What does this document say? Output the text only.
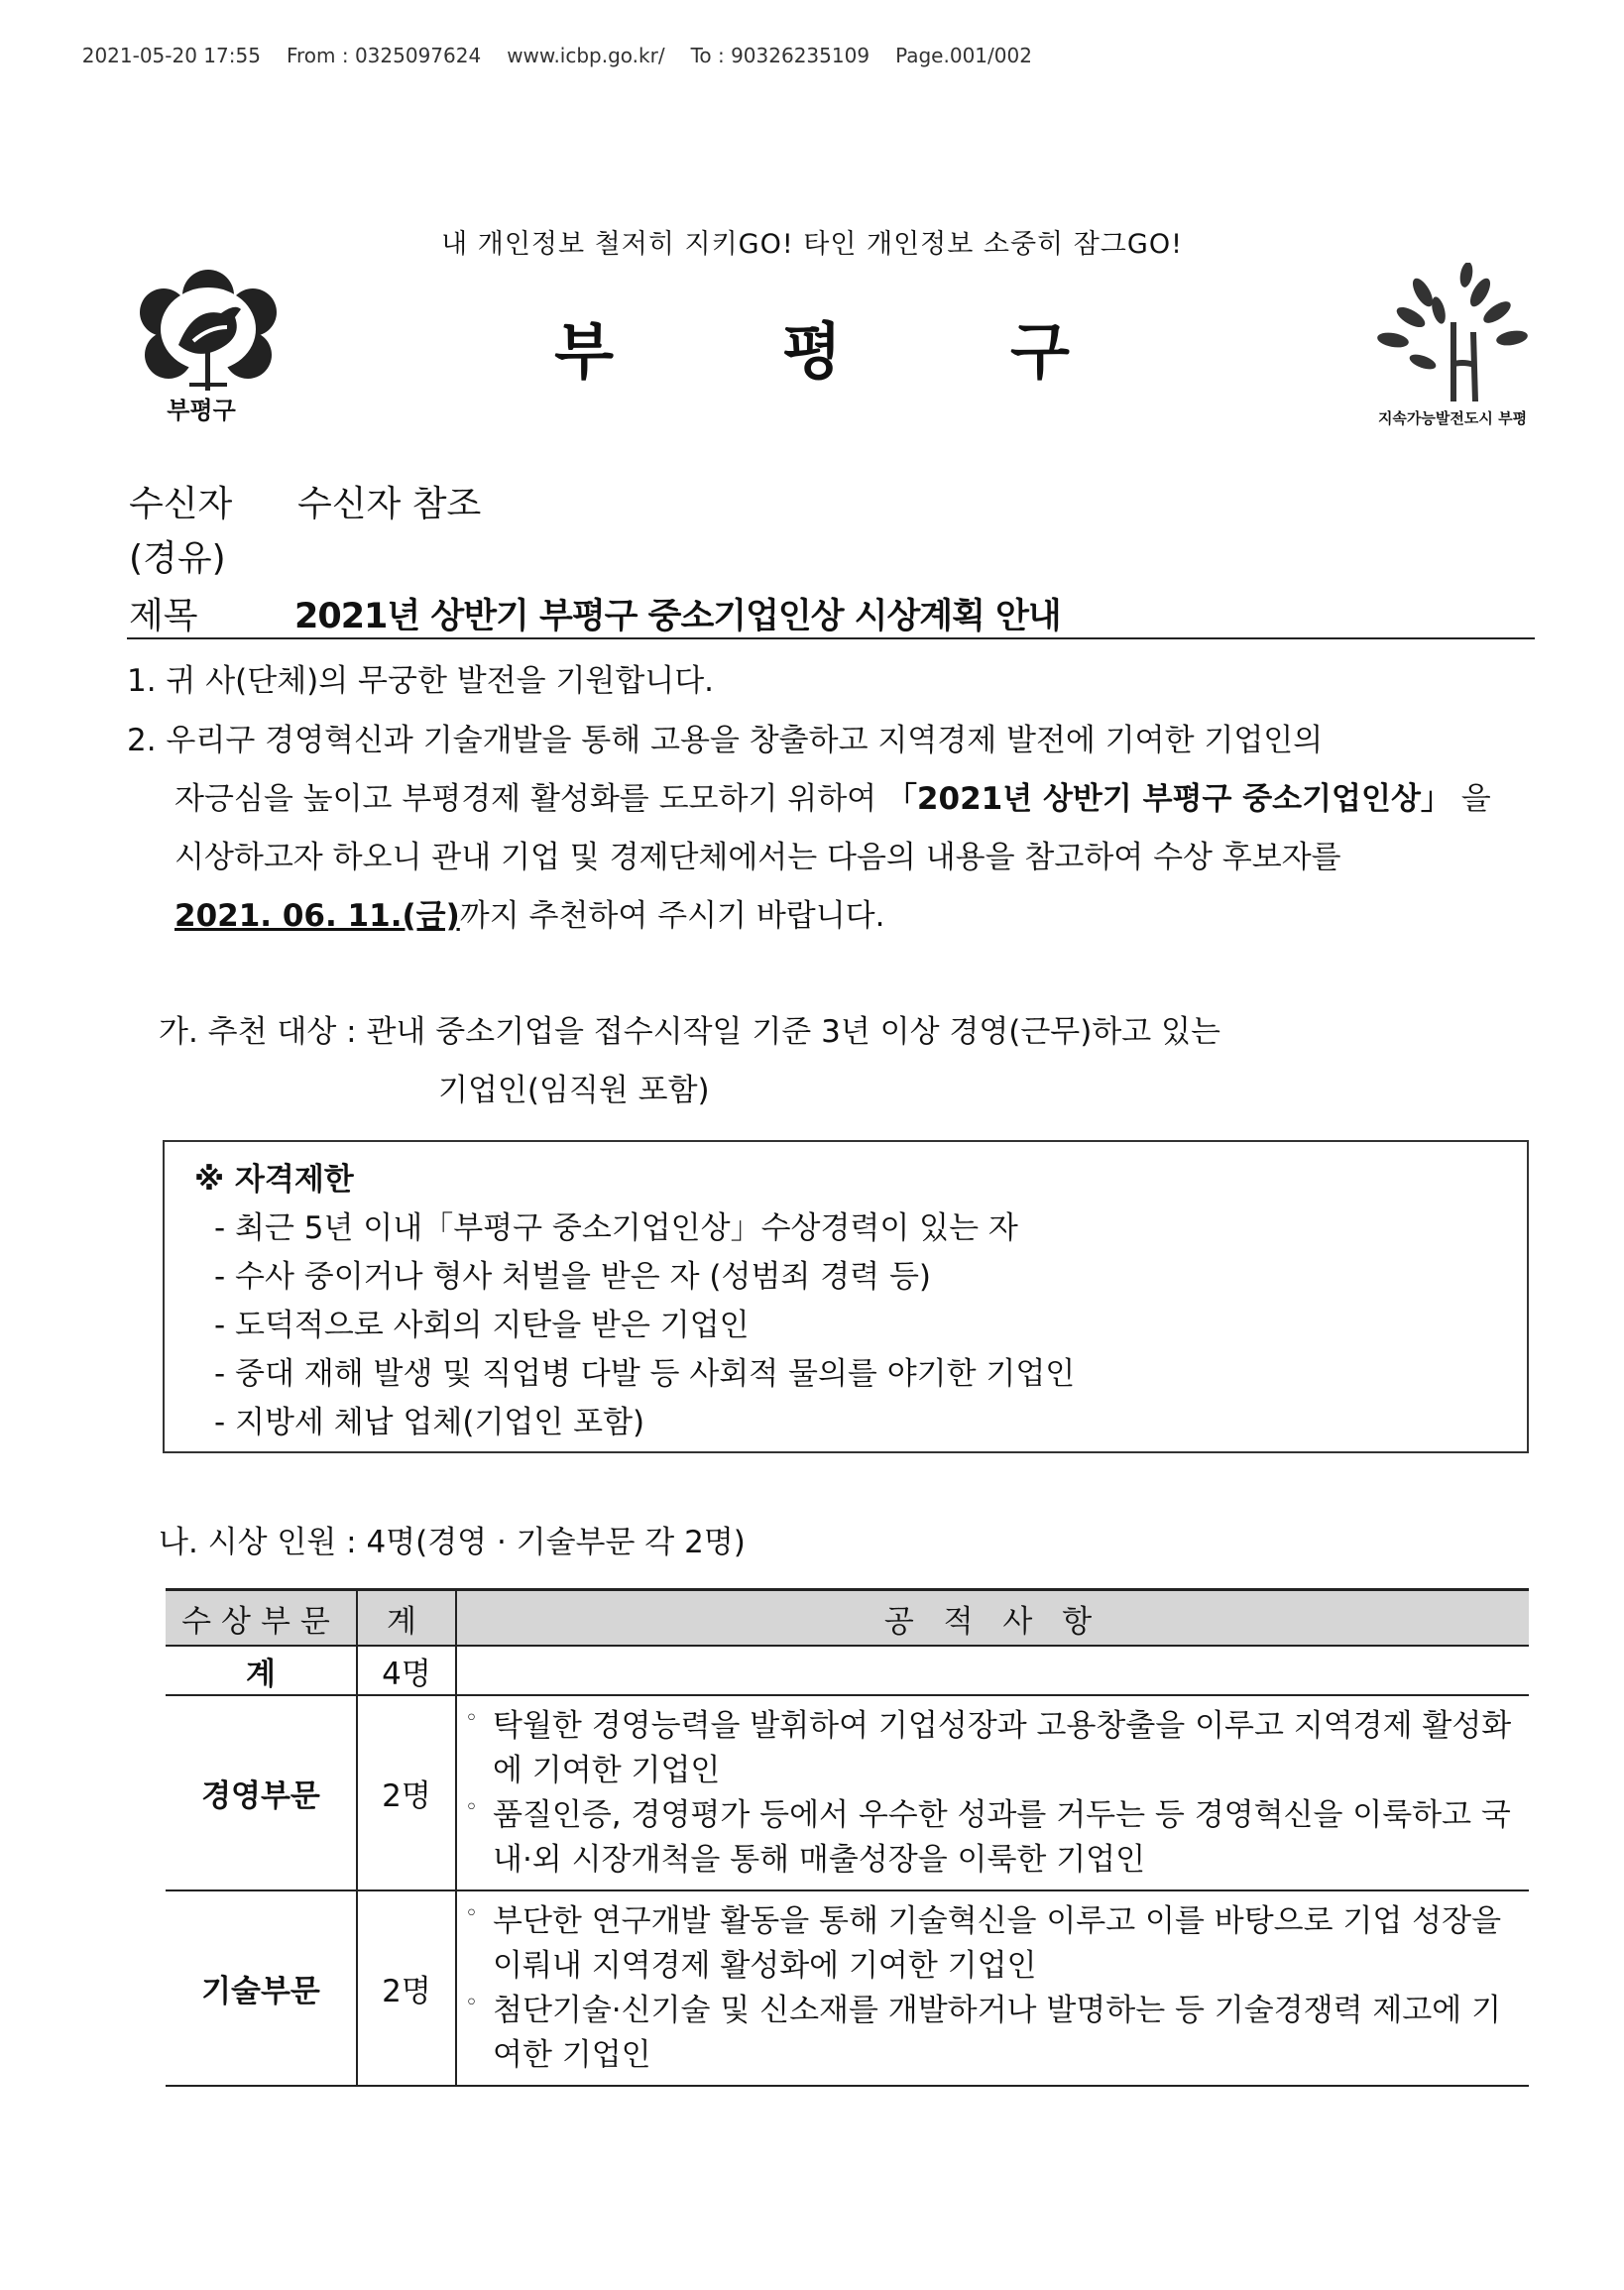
2021-05-20 17:55 From : 0325097624 www.icbp.go.kr/ To : 90326235109 Page.001/002

내 개인정보 철저히 지키GO! 타인 개인정보 소중히 잠그GO!
부평구
부평구
지속가능발전도시 부평
수신자 수신자 참조
(경유)
제목	2021년 상반기 부평구 중소기업인상 시상계획 안내
1. 귀 사(단체)의 무궁한 발전을 기원합니다.
2. 우리구 경영혁신과 기술개발을 통해 고용을 창출하고 지역경제 발전에 기여한 기업인의
자긍심을 높이고 부평경제 활성화를 도모하기 위하여 「2021년 상반기 부평구 중소기업인상」 을
시상하고자 하오니 관내 기업 및 경제단체에서는 다음의 내용을 참고하여 수상 후보자를
2021. 06. 11.(금)까지 추천하여 주시기 바랍니다.
가. 추천 대상 : 관내 중소기업을 접수시작일 기준 3년 이상 경영(근무)하고 있는
기업인(임직원 포함)
※ 자격제한
- 최근 5년 이내「부평구 중소기업인상」수상경력이 있는 자
- 수사 중이거나 형사 처벌을 받은 자 (성범죄 경력 등)
- 도덕적으로 사회의 지탄을 받은 기업인
- 중대 재해 발생 및 직업병 다발 등 사회적 물의를 야기한 기업인
- 지방세 체납 업체(기업인 포함)
나. 시상 인원 : 4명(경영 · 기술부문 각 2명)
수상부문	계	공 적 사 항
계	4명	
경영부문	2명	◦ 탁월한 경영능력을 발휘하여 기업성장과 고용창출을 이루고 지역경제 활성화에 기여한 기업인
◦ 품질인증, 경영평가 등에서 우수한 성과를 거두는 등 경영혁신을 이룩하고 국내·외 시장개척을 통해 매출성장을 이룩한 기업인

기술부문	2명	◦ 부단한 연구개발 활동을 통해 기술혁신을 이루고 이를 바탕으로 기업 성장을 이뤄내 지역경제 활성화에 기여한 기업인
◦ 첨단기술·신기술 및 신소재를 개발하거나 발명하는 등 기술경쟁력 제고에 기여한 기업인
